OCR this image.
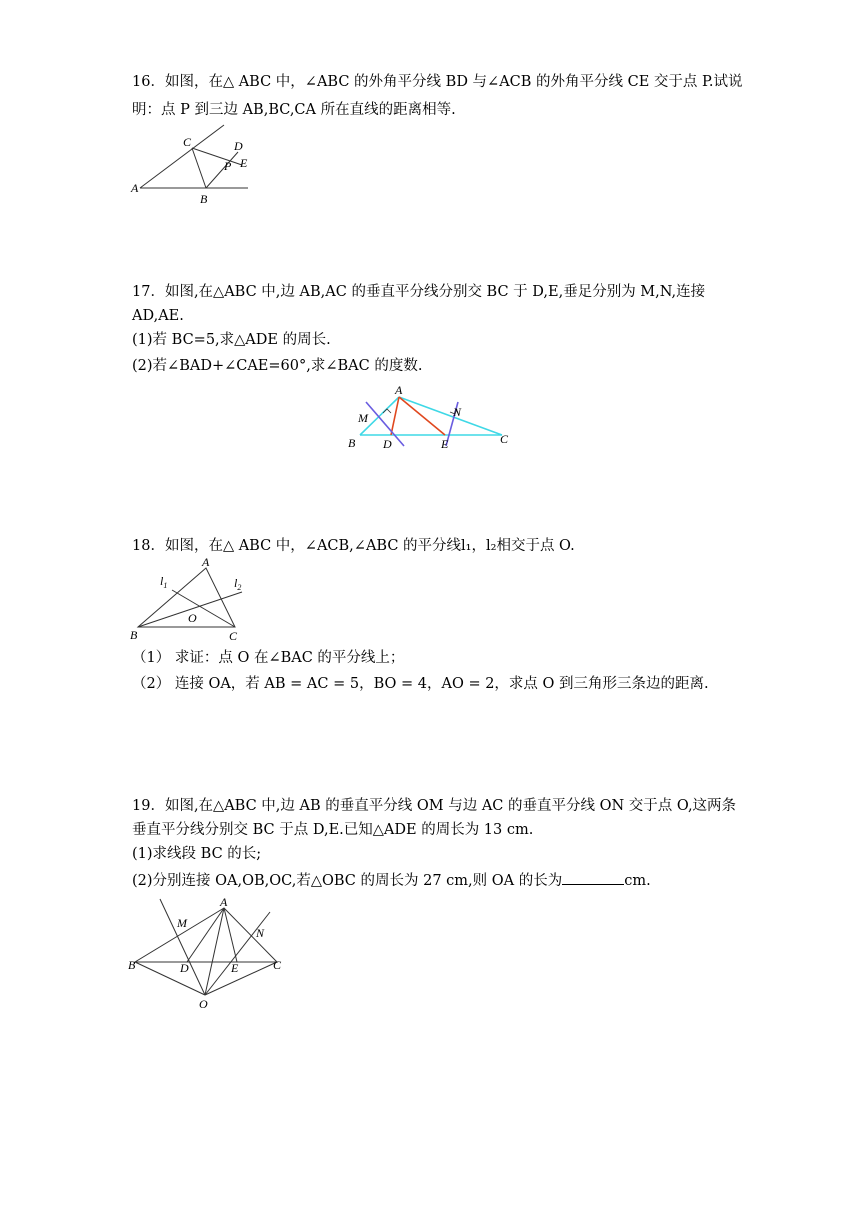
16．如图，在△ ABC 中，∠ABC 的外角平分线 BD 与∠ACB 的外角平分线 CE 交于点 P.试说
明：点 P 到三边 AB,BC,CA 所在直线的距离相等.
A
B
C	D
E
P
17．如图,在△ABC 中,边 AB,AC 的垂直平分线分别交 BC 于 D,E,垂足分别为 M,N,连接
AD,AE.
(1)若 BC=5,求△ADE 的周长.
(2)若∠BAD+∠CAE=60°,求∠BAC 的度数.
A
B	C
D	E
M	N
18．如图，在△ ABC 中，∠ACB,∠ABC 的平分线l₁，l₂相交于点 O.
A
B	C
O
$l_1$	$l_2$
（1） 求证：点 O 在∠BAC 的平分线上；
（2） 连接 OA，若 AB = AC = 5，BO = 4，AO = 2，求点 O 到三角形三条边的距离.
19．如图,在△ABC 中,边 AB 的垂直平分线 OM 与边 AC 的垂直平分线 ON 交于点 O,这两条
垂直平分线分别交 BC 于点 D,E.已知△ADE 的周长为 13 cm.
(1)求线段 BC 的长;
(2)分别连接 OA,OB,OC,若△OBC 的周长为 27 cm,则 OA 的长为	cm.
A
B	C
D	E
M
N
O
